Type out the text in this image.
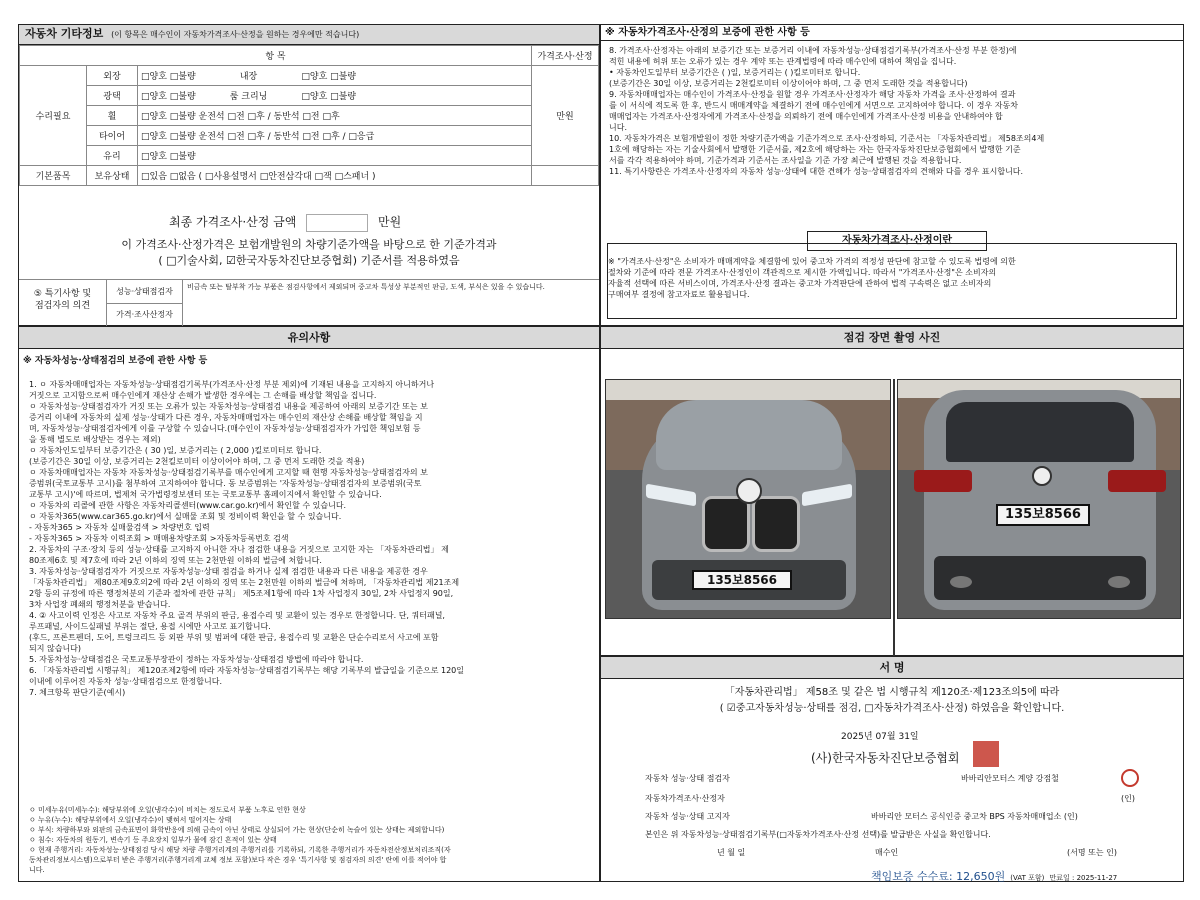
자동차 기타정보 (이 항목은 매수인이 자동차가격조사·산정을 원하는 경우에만 적습니다)
항 목			가격조사·산정
수리필요	외장	□양호 □불량 내장 □양호 □불량	만원
	광택	□양호 □불량 룸 크리닝 □양호 □불량	
	휠	□양호 □불량 운전석 □전 □후 / 동반석 □전 □후	
	타이어	□양호 □불량 운전석 □전 □후 / 동반석 □전 □후 / □응급	
	유리	□양호 □불량	
기본품목	보유상태	□있음 □없음 ( □사용설명서 □안전삼각대 □잭 □스패너 )	
최종 가격조사·산정 금액	만원
이 가격조사·산정가격은 보험개발원의 차량기준가액을 바탕으로 한 기준가격과
( □기술사회, ☑한국자동차진단보증협회) 기준서를 적용하였음
⑤ 특기사항 및
점검자의 의견
성능·상태점검자	비금속 또는 탈부착 가능 부품은 점검사항에서 제외되며 중고차 특성상 부분적인 판금, 도색, 부식은 있을 수 있습니다.
가격·조사산정자
※ 자동차가격조사·산정의 보증에 관한 사항 등
8. 가격조사·산정자는 아래의 보증기간 또는 보증거리 이내에 자동차성능·상태점검기록부(가격조사·산정 부분 한정)에
적힌 내용에 허위 또는 오류가 있는 경우 계약 또는 관계법령에 따라 매수인에 대하여 책임을 집니다.
• 자동차인도일부터 보증기간은 ( )일, 보증거리는 ( )킬로미터로 합니다.
(보증기간은 30일 이상, 보증거리는 2천킬로미터 이상이어야 하며, 그 중 먼저 도래한 것을 적용합니다)
9. 자동차매매업자는 매수인이 가격조사·산정을 원할 경우 가격조사·산정자가 해당 자동차 가격을 조사·산정하여 결과
를 이 서식에 적도록 한 후, 반드시 매매계약을 체결하기 전에 매수인에게 서면으로 고지하여야 합니다. 이 경우 자동차
매매업자는 가격조사·산정자에게 가격조사·산정을 의뢰하기 전에 매수인에게 가격조사·산정 비용을 안내하여야 합
니다.
10. 자동차가격은 보험개발원이 정한 차량기준가액을 기준가격으로 조사·산정하되, 기준서는 「자동차관리법」 제58조의4제
1호에 해당하는 자는 기술사회에서 발행한 기준서를, 제2호에 해당하는 자는 한국자동차진단보증협회에서 발행한 기준
서를 각각 적용하여야 하며, 기준가격과 기준서는 조사일을 기준 가장 최근에 발행된 것을 적용합니다.
11. 특기사항란은 가격조사·산정자의 자동차 성능·상태에 대한 견해가 성능·상태점검자의 견해와 다를 경우 표시합니다.
자동차가격조사·산정이란
※ "가격조사·산정"은 소비자가 매매계약을 체결함에 있어 중고차 가격의 적정성 판단에 참고할 수 있도록 법령에 의한
절차와 기준에 따라 전문 가격조사·산정인이 객관적으로 제시한 가액입니다. 따라서 "가격조사·산정"은 소비자의
자율적 선택에 따른 서비스이며, 가격조사·산정 결과는 중고차 가격판단에 관하여 법적 구속력은 없고 소비자의
구매여부 결정에 참고자료로 활용됩니다.
유의사항
※ 자동차성능·상태점검의 보증에 관한 사항 등
1. ㅇ 자동차매매업자는 자동차성능·상태점검기록부(가격조사·산정 부분 제외)에 기재된 내용을 고지하지 아니하거나
거짓으로 고지함으로써 매수인에게 재산상 손해가 발생한 경우에는 그 손해를 배상할 책임을 집니다.
ㅇ 자동차성능·상태점검자가 거짓 또는 오류가 있는 자동차성능·상태점검 내용을 제공하여 아래의 보증기간 또는 보
증거리 이내에 자동차의 실제 성능·상태가 다른 경우, 자동차매매업자는 매수인의 재산상 손해를 배상할 책임을 지
며, 자동차성능·상태점검자에게 이를 구상할 수 있습니다.(매수인이 자동차성능·상태점검자가 가입한 책임보험 등
을 통해 별도로 배상받는 경우는 제외)
ㅇ 자동차인도일부터 보증기간은 ( 30 )일, 보증거리는 ( 2,000 )킬로미터로 합니다.
(보증기간은 30일 이상, 보증거리는 2천킬로미터 이상이어야 하며, 그 중 먼저 도래한 것을 적용)
ㅇ 자동차매매업자는 자동차 자동차성능·상태점검기록부를 매수인에게 고지할 때 현행 자동차성능·상태점검자의 보
증범위(국토교통부 고시)를 첨부하여 고지하여야 합니다. 동 보증범위는 '자동차성능·상태점검자의 보증범위(국토
교통부 고시)'에 따르며, 법제처 국가법령정보센터 또는 국토교통부 홈페이지에서 확인할 수 있습니다.
ㅇ 자동차의 리콜에 관한 사항은 자동차리콜센터(www.car.go.kr)에서 확인할 수 있습니다.
ㅇ 자동차365(www.car365.go.kr)에서 실매물 조회 및 정비이력 확인을 할 수 있습니다.
- 자동차365 > 자동차 실매물검색 > 차량번호 입력
- 자동차365 > 자동차 이력조회 > 매매용차량조회 >자동차등록번호 검색
2. 자동차의 구조·장치 등의 성능·상태를 고지하지 아니한 자나 점검한 내용을 거짓으로 고지한 자는 「자동차관리법」 제
80조제6호 및 제7호에 따라 2년 이하의 징역 또는 2천만원 이하의 벌금에 처합니다.
3. 자동차성능·상태점검자가 거짓으로 자동차성능·상태 점검을 하거나 실제 점검한 내용과 다른 내용을 제공한 경우
「자동차관리법」 제80조제9호의2에 따라 2년 이하의 징역 또는 2천만원 이하의 벌금에 처하며, 「자동차관리법 제21조제
2항 등의 규정에 따른 행정처분의 기준과 절차에 관한 규칙」 제5조제1항에 따라 1차 사업정지 30일, 2차 사업정지 90일,
3차 사업장 폐쇄의 행정처분을 받습니다.
4. ② 사고이력 인정은 사고로 자동차 주요 골격 부위의 판금, 용접수리 및 교환이 있는 경우로 한정합니다. 단, 쿼터패널,
루프패널, 사이드실패널 부위는 절단, 용접 시에만 사고로 표기합니다.
(후드, 프론트펜더, 도어, 트렁크리드 등 외판 부위 및 범퍼에 대한 판금, 용접수리 및 교환은 단순수리로서 사고에 포함
되지 않습니다)
5. 자동차성능·상태점검은 국토교통부장관이 정하는 자동차성능·상태점검 방법에 따라야 합니다.
6. 「자동차관리법 시행규칙」 제120조제2항에 따라 자동차성능·상태점검기록부는 해당 기록부의 발급일을 기준으로 120일
이내에 이루어진 자동차 성능·상태점검으로 한정합니다.
7. 체크항목 판단기준(예시)
ㅇ 미세누유(미세누수): 해당부위에 오일(냉각수)이 비치는 정도로서 부품 노후로 인한 현상
ㅇ 누유(누수): 해당부위에서 오일(냉각수)이 맺혀서 떨어지는 상태
ㅇ 부식: 차량하부와 외판의 금속표면이 화학반응에 의해 금속이 아닌 상태로 상실되어 가는 현상(단순히 녹슬어 있는 상태는 제외합니다)
ㅇ 침수: 자동차의 원동기, 변속기 등 주요장치 일부가 물에 잠긴 흔적이 있는 상태
ㅇ 현재 주행거리: 자동차성능·상태점검 당시 해당 차량 주행거리계의 주행거리를 기록하되, 기록한 주행거리가 자동차전산정보처리조직(자
동차관리정보시스템)으로부터 받은 주행거리(주행거리계 교체 정보 포함)보다 작은 경우 '특기사항 및 점검자의 의견' 란에 이를 적어야 합
니다.
점검 장면 촬영 사진
135보8566
135보8566
서 명
「자동차관리법」 제58조 및 같은 법 시행규칙 제120조·제123조의5에 따라
( ☑중고자동차성능·상태를 점검, □자동차가격조사·산정) 하였음을 확인합니다.
2025년 07월 31일
(사)한국자동차진단보증협회
자동차 성능·상태 점검자	바바리안모터스 계양 강점철
자동차가격조사·산정자	(인)
자동차 성능·상태 고지자	바바리안 모터스 공식인증 중고차 BPS 자동차매매업소 (인)
본인은 위 자동차성능·상태점검기록부(□자동차가격조사·산정 선택)를 발급받은 사실을 확인합니다.
년 월 일	매수인	(서명 또는 인)
책임보증 수수료: 12,650원 (VAT 포함) 만료일 : 2025-11-27
